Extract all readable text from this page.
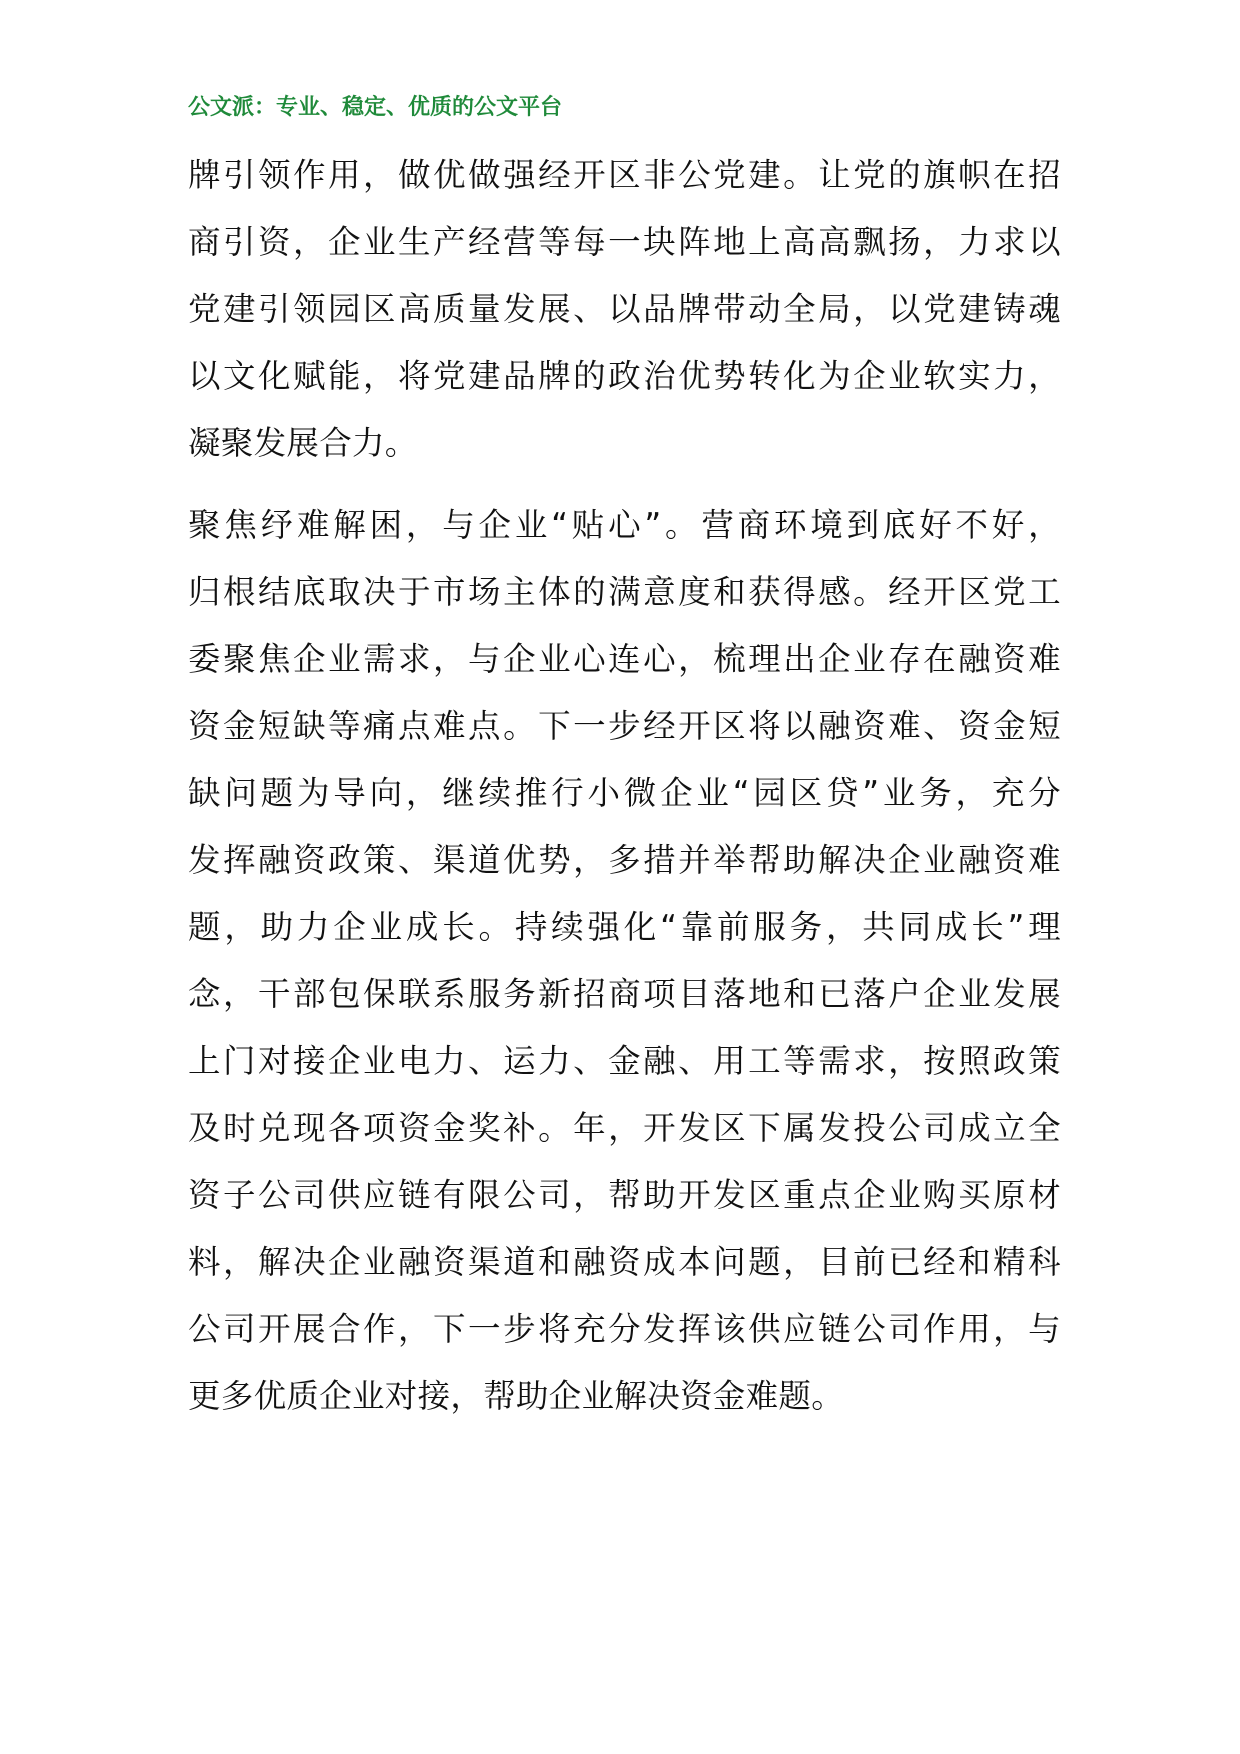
公文派：专业、稳定、优质的公文平台
牌引领作用，做优做强经开区非公党建。让党的旗帜在招
商引资，企业生产经营等每一块阵地上高高飘扬，力求以
党建引领园区高质量发展、以品牌带动全局，以党建铸魂
以文化赋能，将党建品牌的政治优势转化为企业软实力，
凝聚发展合力。
聚焦纾难解困，与企业“贴心”。营商环境到底好不好，
归根结底取决于市场主体的满意度和获得感。经开区党工
委聚焦企业需求，与企业心连心，梳理出企业存在融资难
资金短缺等痛点难点。下一步经开区将以融资难、资金短
缺问题为导向，继续推行小微企业“园区贷”业务，充分
发挥融资政策、渠道优势，多措并举帮助解决企业融资难
题，助力企业成长。持续强化“靠前服务，共同成长”理
念，干部包保联系服务新招商项目落地和已落户企业发展
上门对接企业电力、运力、金融、用工等需求，按照政策
及时兑现各项资金奖补。年，开发区下属发投公司成立全
资子公司供应链有限公司，帮助开发区重点企业购买原材
料，解决企业融资渠道和融资成本问题，目前已经和精科
公司开展合作，下一步将充分发挥该供应链公司作用，与
更多优质企业对接，帮助企业解决资金难题。
